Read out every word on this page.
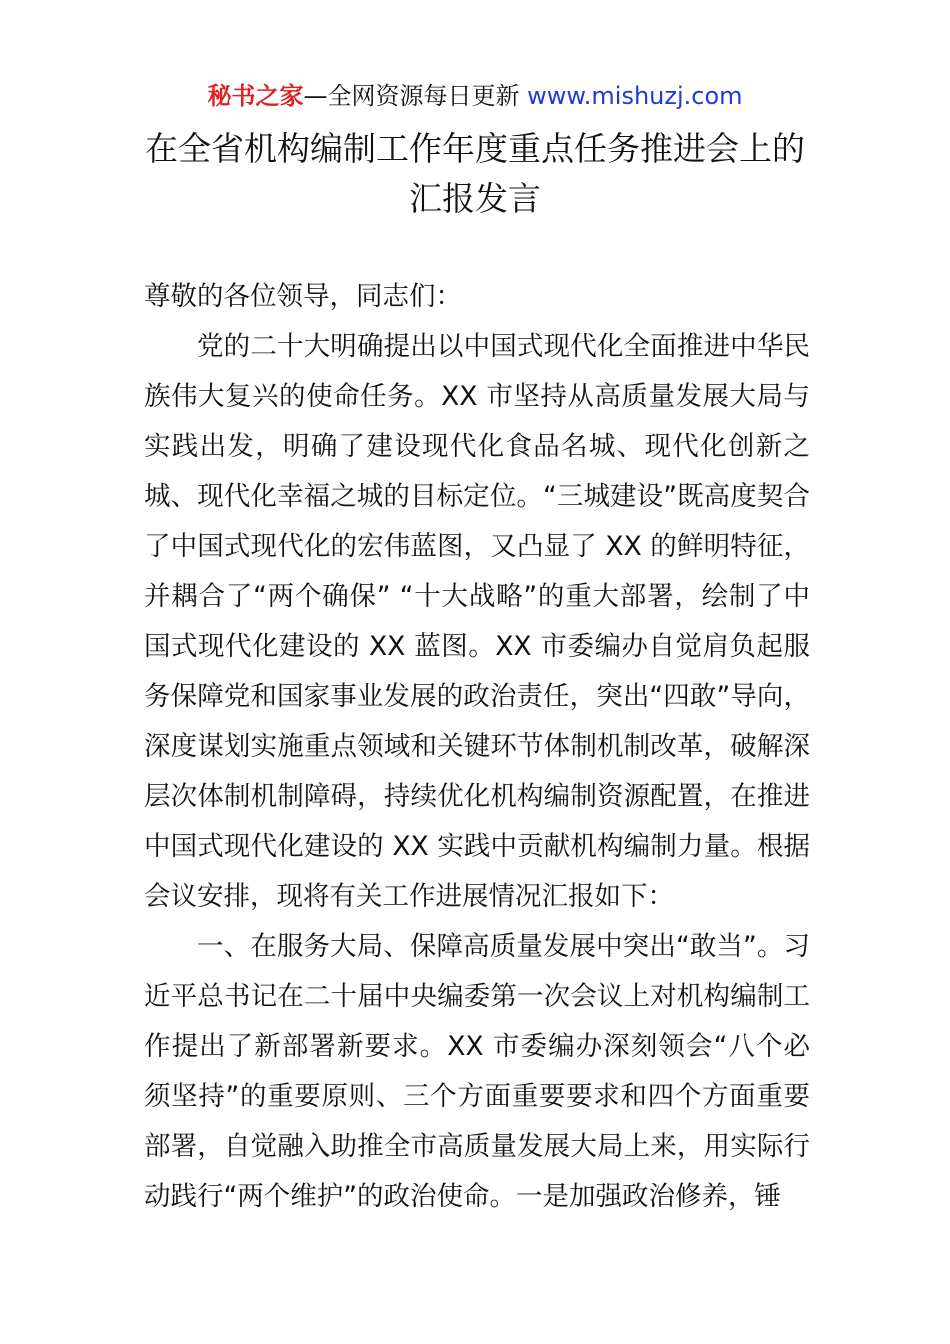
秘书之家—全网资源每日更新 www.mishuzj.com
在全省机构编制工作年度重点任务推进会上的
汇报发言

尊敬的各位领导，同志们：

党的二十大明确提出以中国式现代化全面推进中华民族伟大复兴的使命任务。XX 市坚持从高质量发展大局与实践出发，明确了建设现代化食品名城、现代化创新之城、现代化幸福之城的目标定位。“三城建设”既高度契合了中国式现代化的宏伟蓝图，又凸显了 XX 的鲜明特征，并耦合了“两个确保” “十大战略”的重大部署，绘制了中国式现代化建设的 XX 蓝图。XX 市委编办自觉肩负起服务保障党和国家事业发展的政治责任，突出“四敢”导向，深度谋划实施重点领域和关键环节体制机制改革，破解深层次体制机制障碍，持续优化机构编制资源配置，在推进中国式现代化建设的 XX 实践中贡献机构编制力量。根据会议安排，现将有关工作进展情况汇报如下：

一、在服务大局、保障高质量发展中突出“敢当”。习近平总书记在二十届中央编委第一次会议上对机构编制工作提出了新部署新要求。XX 市委编办深刻领会“八个必须坚持”的重要原则、三个方面重要要求和四个方面重要部署，自觉融入助推全市高质量发展大局上来，用实际行动践行“两个维护”的政治使命。一是加强政治修养，锤
